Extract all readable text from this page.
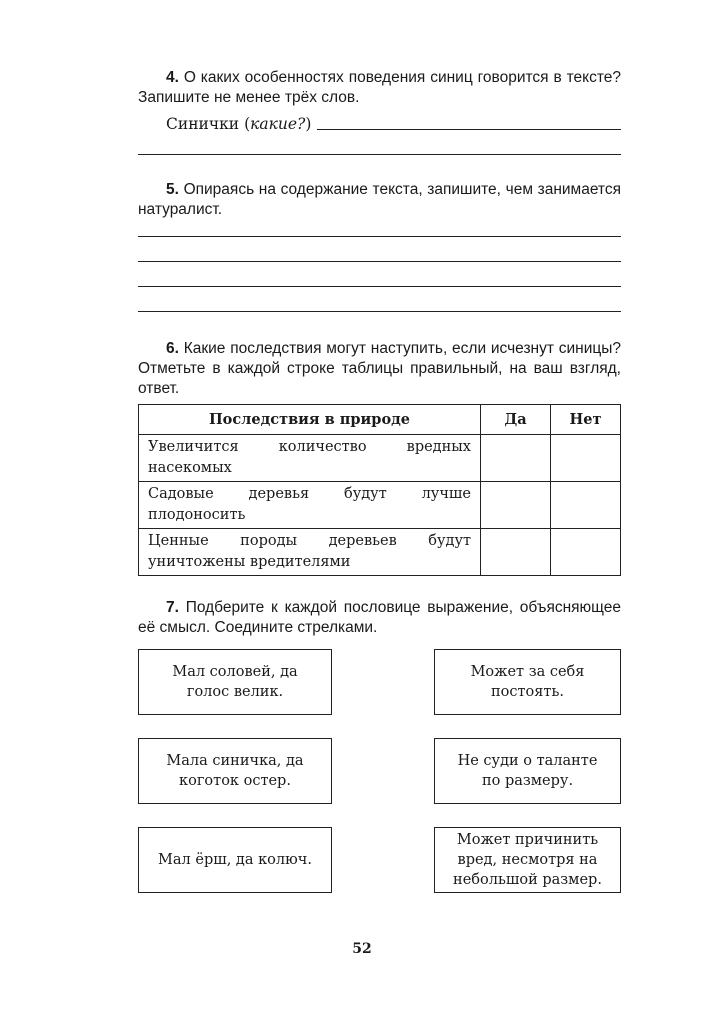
4. О каких особенностях поведения синиц говорится в тексте? Запишите не менее трёх слов.

Синички (какие?)

5. Опираясь на содержание текста, запишите, чем занимается натуралист.

6. Какие последствия могут наступить, если исчезнут синицы? Отметьте в каждой строке таблицы правильный, на ваш взгляд, ответ.

Последствия в природе	Да	Нет
Увеличится количество вредных насекомых		
Садовые деревья будут лучше плодоносить		
Ценные породы деревьев будут уничтожены вредителями		

7. Подберите к каждой пословице выражение, объясняющее её смысл. Соедините стрелками.

Мал соловей, да голос велик.
Мала синичка, да коготок остер.
Мал ёрш, да колюч.
Может за себя постоять.
Не суди о таланте по размеру.
Может причинить вред, несмотря на небольшой размер.
52
